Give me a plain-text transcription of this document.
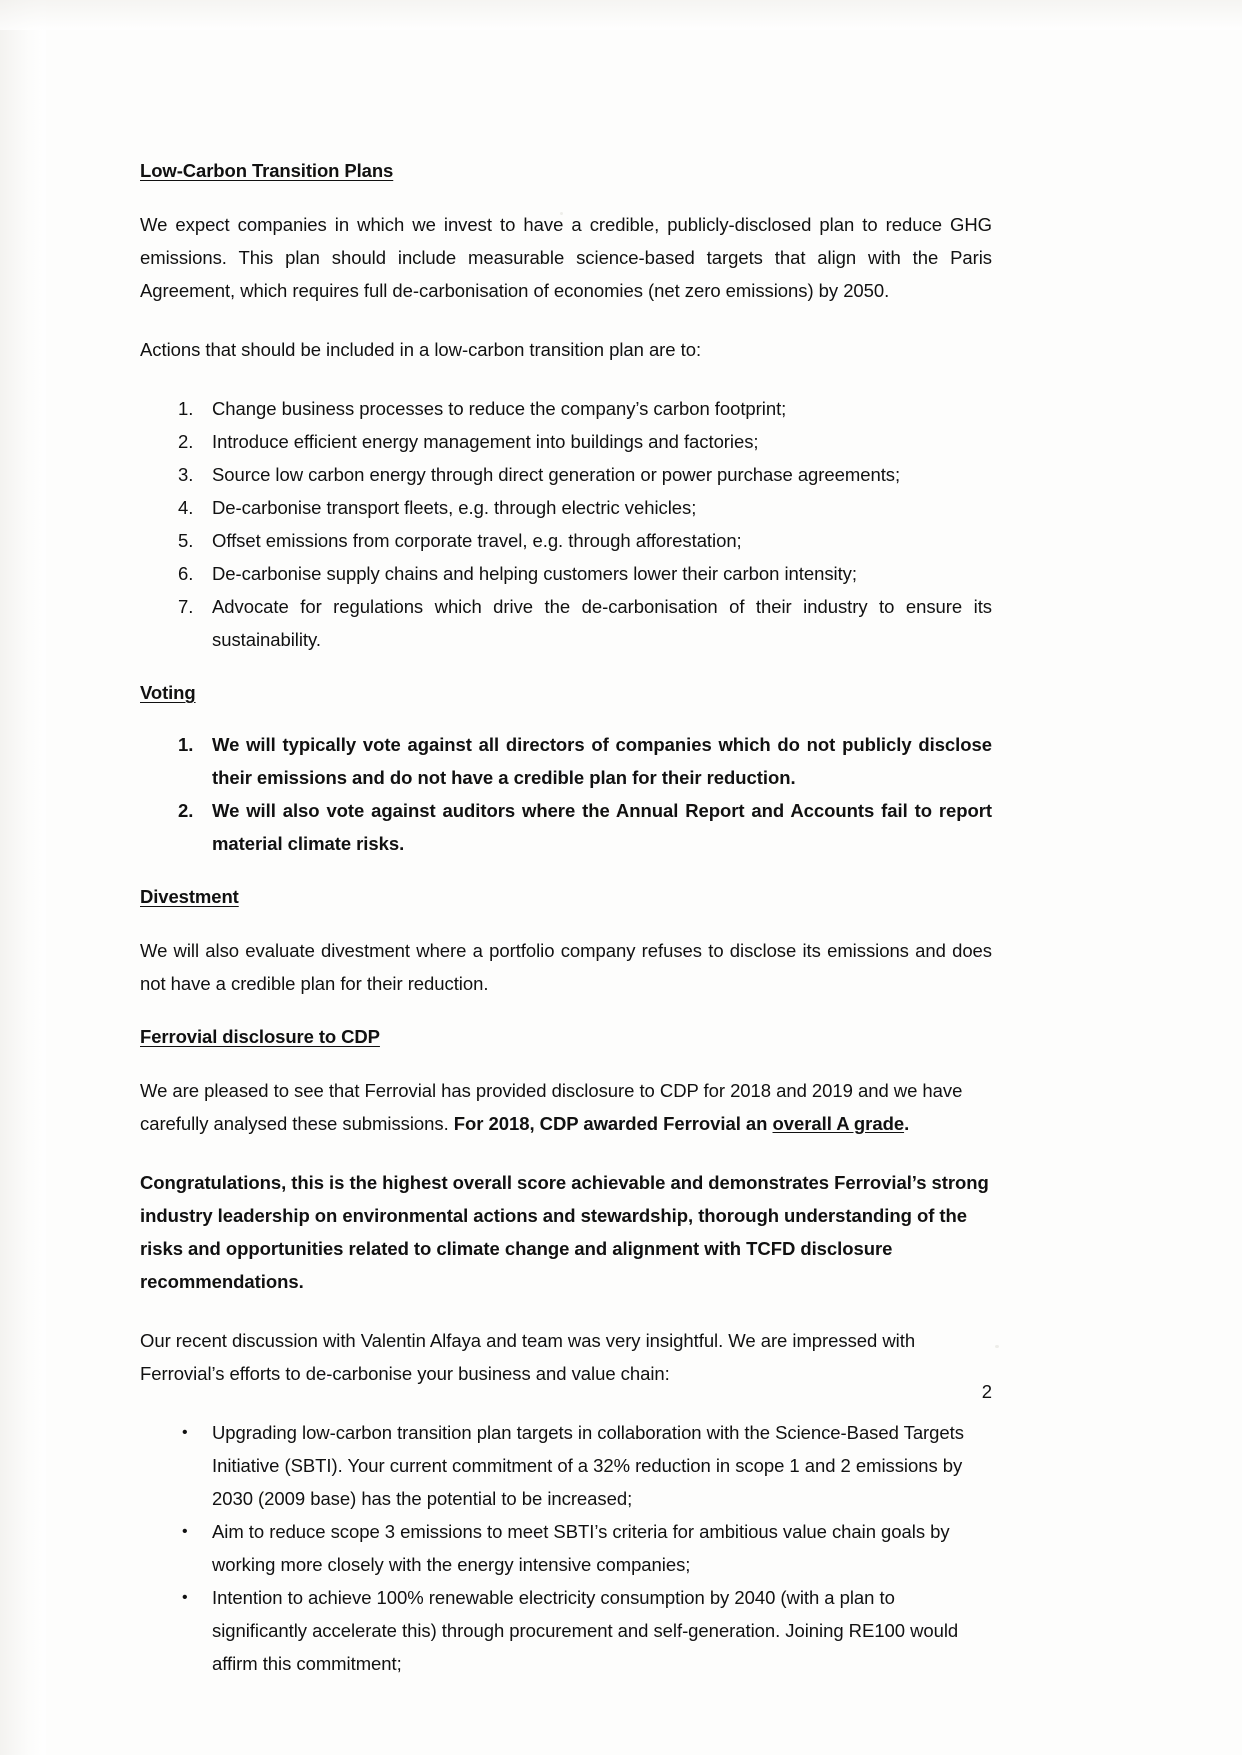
Low-Carbon Transition Plans

We expect companies in which we invest to have a credible, publicly-disclosed plan to reduce GHG emissions. This plan should include measurable science-based targets that align with the Paris Agreement, which requires full de-carbonisation of economies (net zero emissions) by 2050.

Actions that should be included in a low-carbon transition plan are to:

1.	Change business processes to reduce the company’s carbon footprint;
2.	Introduce efficient energy management into buildings and factories;
3.	Source low carbon energy through direct generation or power purchase agreements;
4.	De-carbonise transport fleets, e.g. through electric vehicles;
5.	Offset emissions from corporate travel, e.g. through afforestation;
6.	De-carbonise supply chains and helping customers lower their carbon intensity;
7.	Advocate for regulations which drive the de-carbonisation of their industry to ensure its sustainability.
Voting
1.	We will typically vote against all directors of companies which do not publicly disclose their emissions and do not have a credible plan for their reduction.
2.	We will also vote against auditors where the Annual Report and Accounts fail to report material climate risks.
Divestment

We will also evaluate divestment where a portfolio company refuses to disclose its emissions and does not have a credible plan for their reduction.

Ferrovial disclosure to CDP

We are pleased to see that Ferrovial has provided disclosure to CDP for 2018 and 2019 and we have carefully analysed these submissions. For 2018, CDP awarded Ferrovial an overall A grade.

Congratulations, this is the highest overall score achievable and demonstrates Ferrovial’s strong industry leadership on environmental actions and stewardship, thorough understanding of the risks and opportunities related to climate change and alignment with TCFD disclosure recommendations.

Our recent discussion with Valentin Alfaya and team was very insightful. We are impressed with Ferrovial’s efforts to de-carbonise your business and value chain:

•	Upgrading low-carbon transition plan targets in collaboration with the Science-Based Targets Initiative (SBTI). Your current commitment of a 32% reduction in scope 1 and 2 emissions by 2030 (2009 base) has the potential to be increased;
•	Aim to reduce scope 3 emissions to meet SBTI’s criteria for ambitious value chain goals by working more closely with the energy intensive companies;
•	Intention to achieve 100% renewable electricity consumption by 2040 (with a plan to significantly accelerate this) through procurement and self-generation. Joining RE100 would affirm this commitment;
2
